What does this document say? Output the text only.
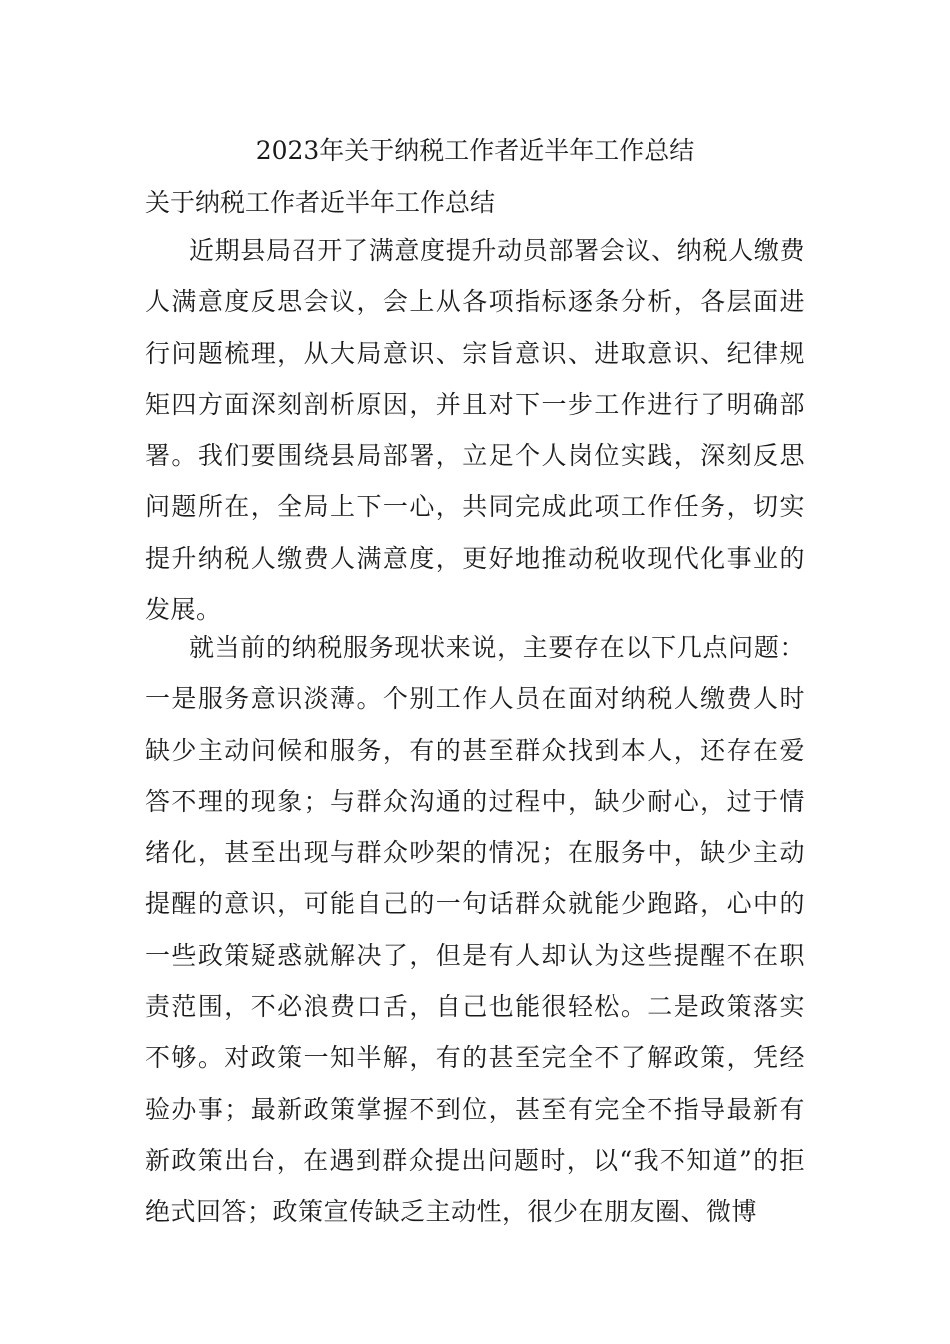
2023年关于纳税工作者近半年工作总结
关于纳税工作者近半年工作总结

近期县局召开了满意度提升动员部署会议、纳税人缴费人满意度反思会议，会上从各项指标逐条分析，各层面进行问题梳理，从大局意识、宗旨意识、进取意识、纪律规矩四方面深刻剖析原因，并且对下一步工作进行了明确部署。我们要围绕县局部署，立足个人岗位实践，深刻反思问题所在，全局上下一心，共同完成此项工作任务，切实提升纳税人缴费人满意度，更好地推动税收现代化事业的发展。

就当前的纳税服务现状来说，主要存在以下几点问题：一是服务意识淡薄。个别工作人员在面对纳税人缴费人时缺少主动问候和服务，有的甚至群众找到本人，还存在爱答不理的现象；与群众沟通的过程中，缺少耐心，过于情绪化，甚至出现与群众吵架的情况；在服务中，缺少主动提醒的意识，可能自己的一句话群众就能少跑路，心中的一些政策疑惑就解决了，但是有人却认为这些提醒不在职责范围，不必浪费口舌，自己也能很轻松。二是政策落实不够。对政策一知半解，有的甚至完全不了解政策，凭经验办事；最新政策掌握不到位，甚至有完全不指导最新有新政策出台，在遇到群众提出问题时，以“我不知道”的拒绝式回答；政策宣传缺乏主动性，很少在朋友圈、微博
